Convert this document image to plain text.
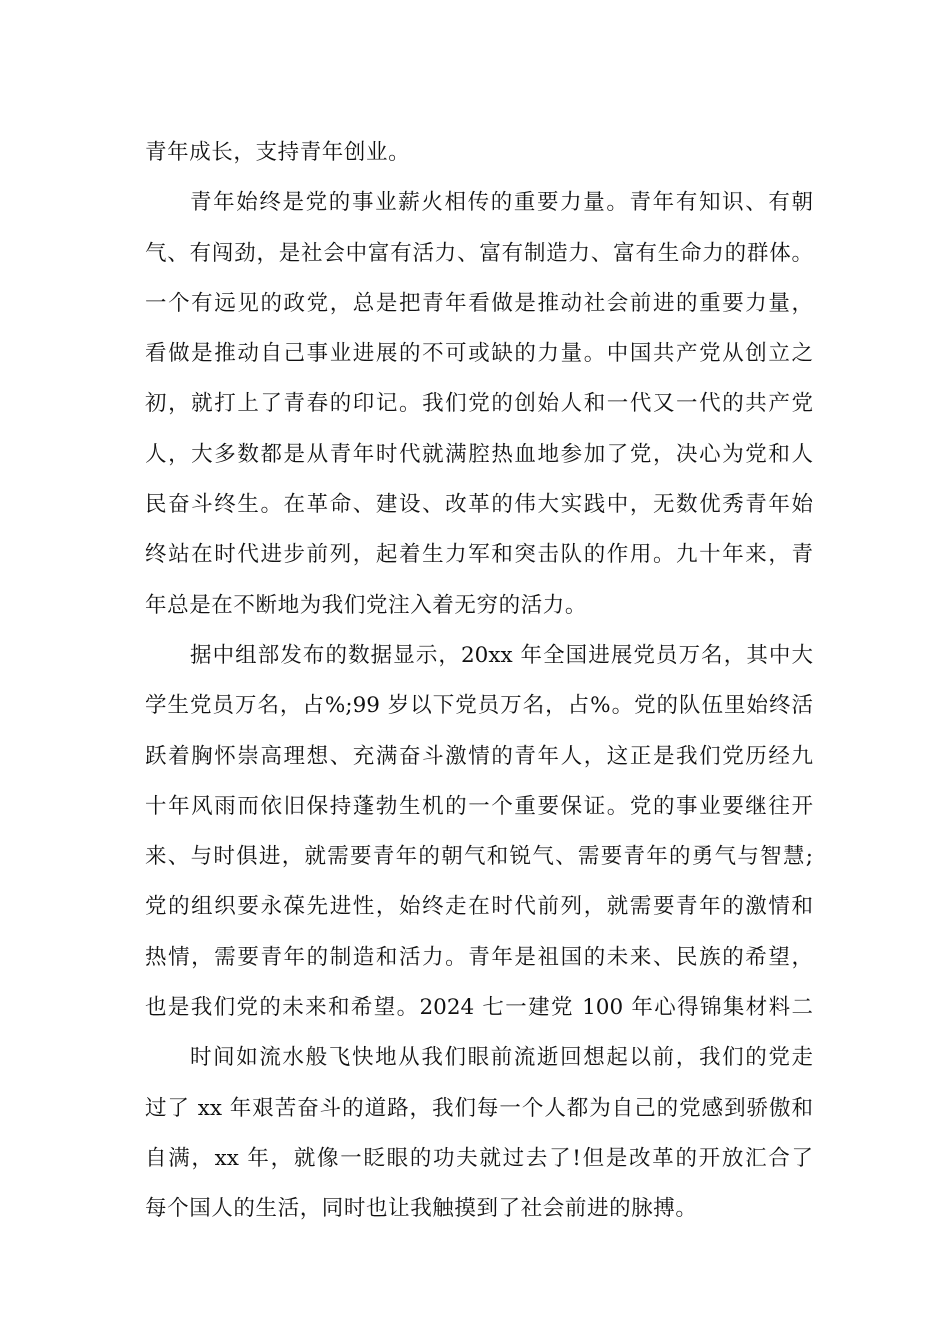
青年成长，支持青年创业。
青年始终是党的事业薪火相传的重要力量。青年有知识、有朝
气、有闯劲，是社会中富有活力、富有制造力、富有生命力的群体。
一个有远见的政党，总是把青年看做是推动社会前进的重要力量，
看做是推动自己事业进展的不可或缺的力量。中国共产党从创立之
初，就打上了青春的印记。我们党的创始人和一代又一代的共产党
人，大多数都是从青年时代就满腔热血地参加了党，决心为党和人
民奋斗终生。在革命、建设、改革的伟大实践中，无数优秀青年始
终站在时代进步前列，起着生力军和突击队的作用。九十年来，青
年总是在不断地为我们党注入着无穷的活力。
据中组部发布的数据显示，20xx 年全国进展党员万名，其中大
学生党员万名，占%;99 岁以下党员万名，占%。党的队伍里始终活
跃着胸怀崇高理想、充满奋斗激情的青年人，这正是我们党历经九
十年风雨而依旧保持蓬勃生机的一个重要保证。党的事业要继往开
来、与时俱进，就需要青年的朝气和锐气、需要青年的勇气与智慧;
党的组织要永葆先进性，始终走在时代前列，就需要青年的激情和
热情，需要青年的制造和活力。青年是祖国的未来、民族的希望，
也是我们党的未来和希望。2024 七一建党 100 年心得锦集材料二
时间如流水般飞快地从我们眼前流逝回想起以前，我们的党走
过了 xx 年艰苦奋斗的道路，我们每一个人都为自己的党感到骄傲和
自满，xx 年，就像一眨眼的功夫就过去了!但是改革的开放汇合了
每个国人的生活，同时也让我触摸到了社会前进的脉搏。
